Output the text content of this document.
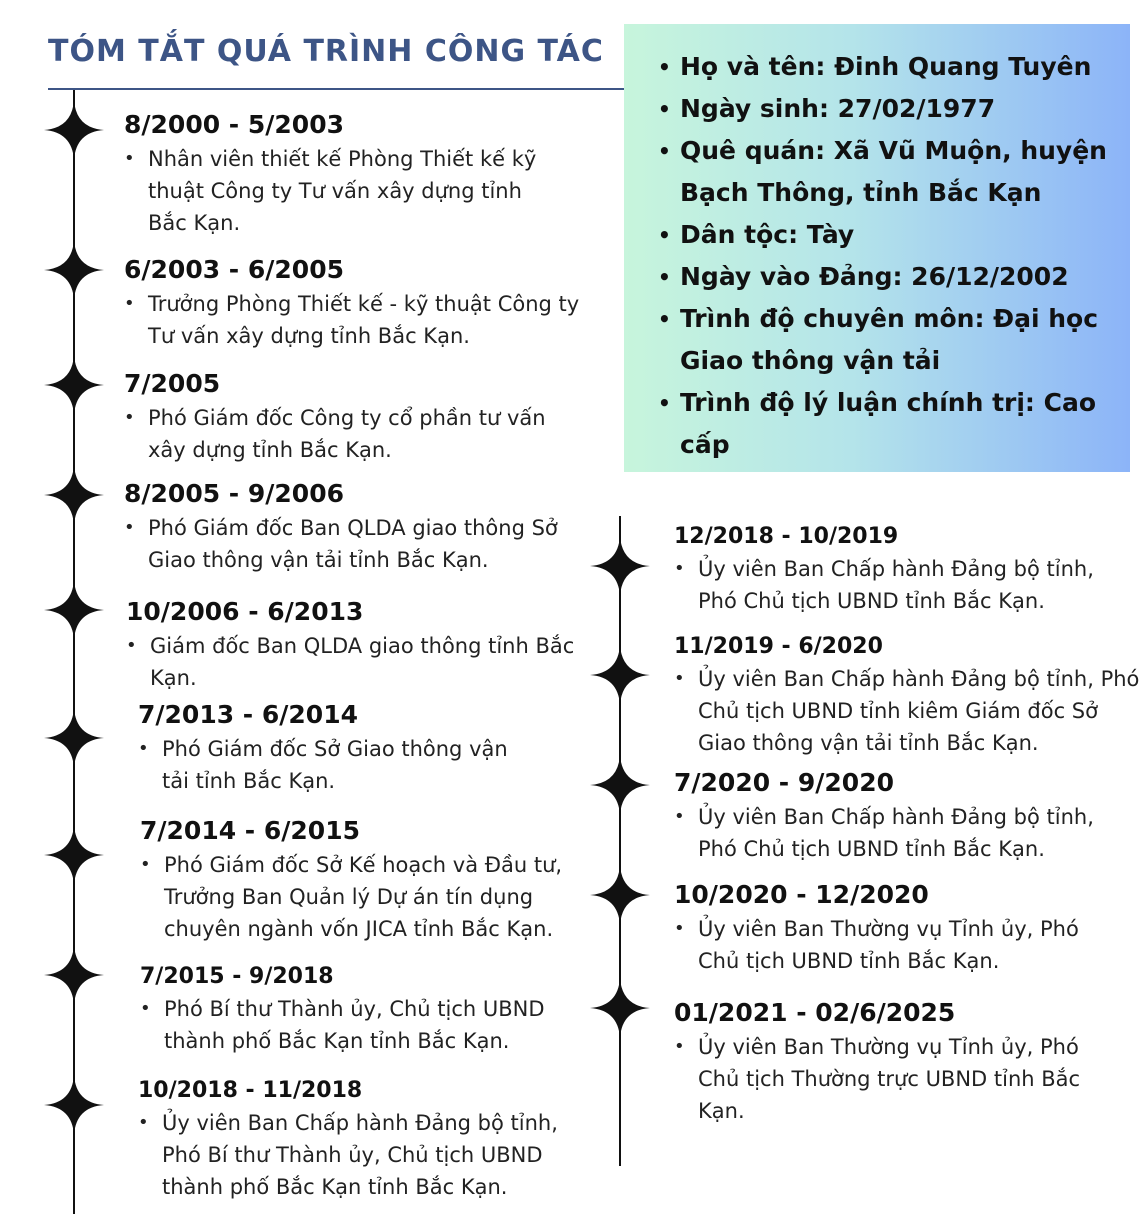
TÓM TẮT QUÁ TRÌNH CÔNG TÁC
•	Họ và tên: Đinh Quang Tuyên
• Ngày sinh: 27/02/1977
• Quê quán: Xã Vũ Muộn, huyện Bạch Thông, tỉnh Bắc Kạn
• Dân tộc: Tày
• Ngày vào Đảng: 26/12/2002
• Trình độ chuyên môn: Đại học Giao thông vận tải
• Trình độ lý luận chính trị: Cao cấp
8/2000 - 5/2003
• Nhân viên thiết kế Phòng Thiết kế kỹ thuật Công ty Tư vấn xây dựng tỉnh Bắc Kạn.
6/2003 - 6/2005
• Trưởng Phòng Thiết kế - kỹ thuật Công ty Tư vấn xây dựng tỉnh Bắc Kạn.
7/2005
• Phó Giám đốc Công ty cổ phần tư vấn xây dựng tỉnh Bắc Kạn.
8/2005 - 9/2006
• Phó Giám đốc Ban QLDA giao thông Sở Giao thông vận tải tỉnh Bắc Kạn.
10/2006 - 6/2013
• Giám đốc Ban QLDA giao thông tỉnh Bắc Kạn.
7/2013 - 6/2014
• Phó Giám đốc Sở Giao thông vận tải tỉnh Bắc Kạn.
7/2014 - 6/2015
• Phó Giám đốc Sở Kế hoạch và Đầu tư, Trưởng Ban Quản lý Dự án tín dụng chuyên ngành vốn JICA tỉnh Bắc Kạn.
7/2015 - 9/2018
• Phó Bí thư Thành ủy, Chủ tịch UBND thành phố Bắc Kạn tỉnh Bắc Kạn.
10/2018 - 11/2018
• Ủy viên Ban Chấp hành Đảng bộ tỉnh, Phó Bí thư Thành ủy, Chủ tịch UBND thành phố Bắc Kạn tỉnh Bắc Kạn.
12/2018 - 10/2019
• Ủy viên Ban Chấp hành Đảng bộ tỉnh, Phó Chủ tịch UBND tỉnh Bắc Kạn.
11/2019 - 6/2020
• Ủy viên Ban Chấp hành Đảng bộ tỉnh, Phó Chủ tịch UBND tỉnh kiêm Giám đốc Sở Giao thông vận tải tỉnh Bắc Kạn.
7/2020 - 9/2020
• Ủy viên Ban Chấp hành Đảng bộ tỉnh, Phó Chủ tịch UBND tỉnh Bắc Kạn.
10/2020 - 12/2020
• Ủy viên Ban Thường vụ Tỉnh ủy, Phó Chủ tịch UBND tỉnh Bắc Kạn.
01/2021 - 02/6/2025
• Ủy viên Ban Thường vụ Tỉnh ủy, Phó Chủ tịch Thường trực UBND tỉnh Bắc Kạn.
